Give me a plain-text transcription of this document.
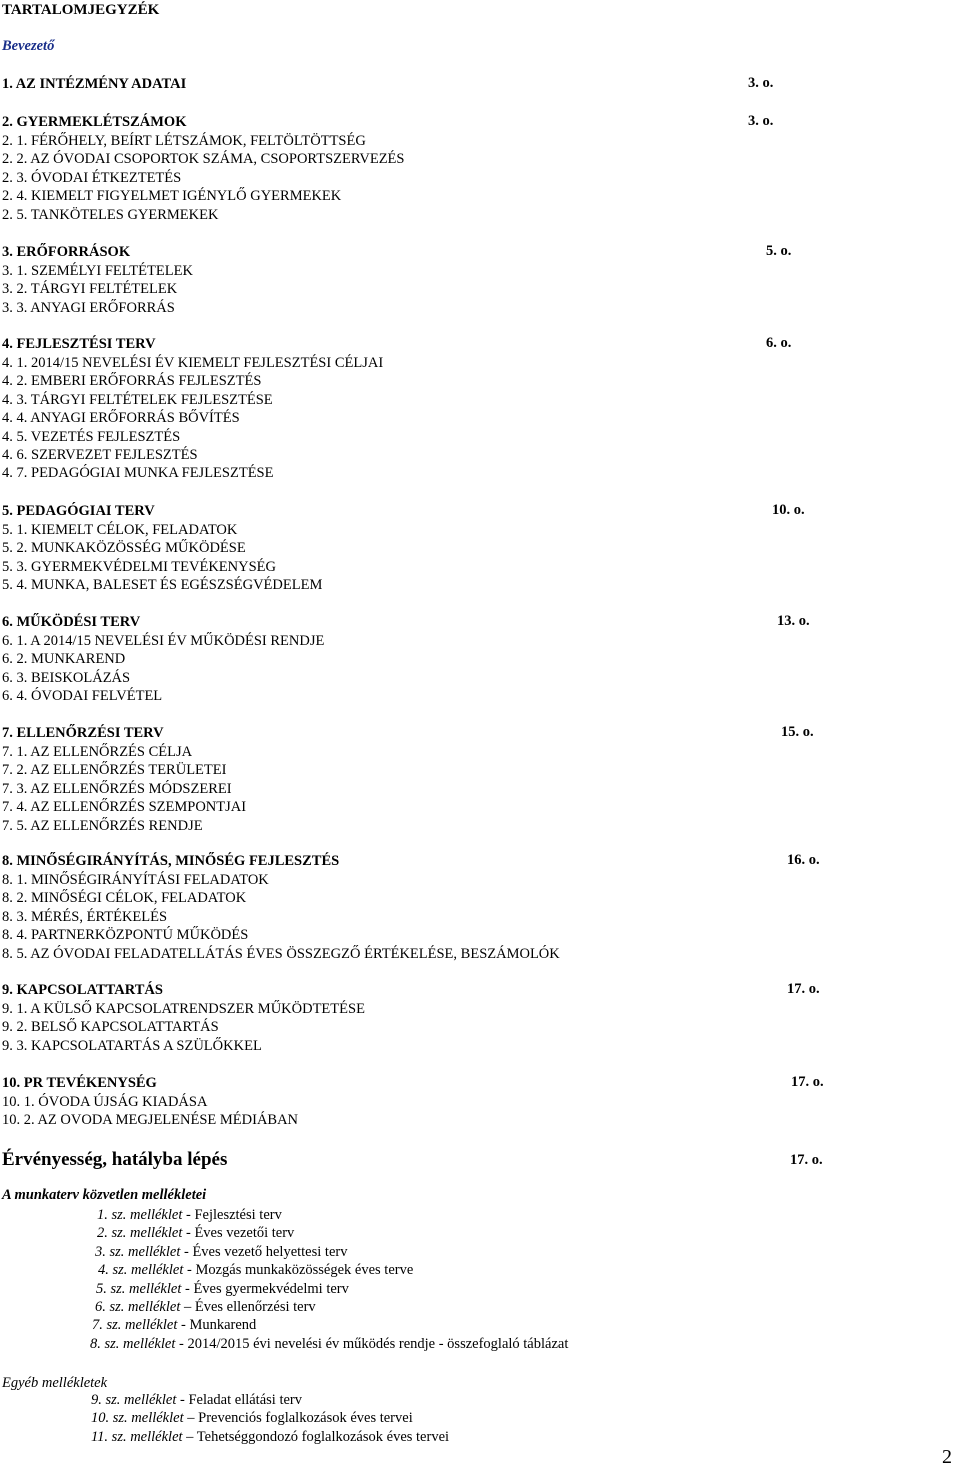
TARTALOMJEGYZÉK
Bevezető
1. AZ INTÉZMÉNY ADATAI	3. o.
2. GYERMEKLÉTSZÁMOK	3. o.
2. 1. FÉRŐHELY, BEÍRT LÉTSZÁMOK, FELTÖLTÖTTSÉG
2. 2. AZ ÓVODAI CSOPORTOK SZÁMA, CSOPORTSZERVEZÉS
2. 3. ÓVODAI ÉTKEZTETÉS
2. 4. KIEMELT FIGYELMET IGÉNYLŐ GYERMEKEK
2. 5. TANKÖTELES GYERMEKEK
3. ERŐFORRÁSOK	5. o.
3. 1. SZEMÉLYI FELTÉTELEK
3. 2. TÁRGYI FELTÉTELEK
3. 3. ANYAGI ERŐFORRÁS
4. FEJLESZTÉSI TERV	6. o.
4. 1. 2014/15 NEVELÉSI ÉV KIEMELT FEJLESZTÉSI CÉLJAI
4. 2. EMBERI ERŐFORRÁS FEJLESZTÉS
4. 3. TÁRGYI FELTÉTELEK FEJLESZTÉSE
4. 4. ANYAGI ERŐFORRÁS BŐVÍTÉS
4. 5. VEZETÉS FEJLESZTÉS
4. 6. SZERVEZET FEJLESZTÉS
4. 7. PEDAGÓGIAI MUNKA FEJLESZTÉSE
5. PEDAGÓGIAI TERV	10. o.
5. 1. KIEMELT CÉLOK, FELADATOK
5. 2. MUNKAKÖZÖSSÉG MŰKÖDÉSE
5. 3. GYERMEKVÉDELMI TEVÉKENYSÉG
5. 4. MUNKA, BALESET ÉS EGÉSZSÉGVÉDELEM
6. MŰKÖDÉSI TERV	13. o.
6. 1. A 2014/15 NEVELÉSI ÉV MŰKÖDÉSI RENDJE
6. 2. MUNKAREND
6. 3. BEISKOLÁZÁS
6. 4. ÓVODAI FELVÉTEL
7. ELLENŐRZÉSI TERV	15. o.
7. 1. AZ ELLENŐRZÉS CÉLJA
7. 2. AZ ELLENŐRZÉS TERÜLETEI
7. 3. AZ ELLENŐRZÉS MÓDSZEREI
7. 4. AZ ELLENŐRZÉS SZEMPONTJAI
7. 5. AZ ELLENŐRZÉS RENDJE
8. MINŐSÉGIRÁNYÍTÁS, MINŐSÉG FEJLESZTÉS	16. o.
8. 1. MINŐSÉGIRÁNYÍTÁSI FELADATOK
8. 2. MINŐSÉGI CÉLOK, FELADATOK
8. 3. MÉRÉS, ÉRTÉKELÉS
8. 4. PARTNERKÖZPONTÚ MŰKÖDÉS
8. 5. AZ ÓVODAI FELADATELLÁTÁS ÉVES ÖSSZEGZŐ ÉRTÉKELÉSE, BESZÁMOLÓK
9. KAPCSOLATTARTÁS	17. o.
9. 1. A KÜLSŐ KAPCSOLATRENDSZER MŰKÖDTETÉSE
9. 2. BELSŐ KAPCSOLATTARTÁS
9. 3. KAPCSOLATARTÁS A SZÜLŐKKEL
10. PR TEVÉKENYSÉG	17. o.
10. 1. ÓVODA ÚJSÁG KIADÁSA
10. 2. AZ OVODA MEGJELENÉSE MÉDIÁBAN
Érvényesség, hatályba lépés	17. o.
A munkaterv közvetlen mellékletei
1. sz. melléklet - Fejlesztési terv
2. sz. melléklet - Éves vezetői terv
3. sz. melléklet - Éves vezető helyettesi terv
4. sz. melléklet - Mozgás munkaközösségek éves terve
5. sz. melléklet - Éves gyermekvédelmi terv
6. sz. melléklet – Éves ellenőrzési terv
7. sz. melléklet - Munkarend
8. sz. melléklet - 2014/2015 évi nevelési év működés rendje - összefoglaló táblázat
Egyéb mellékletek
9. sz. melléklet - Feladat ellátási terv
10. sz. melléklet – Prevenciós foglalkozások éves tervei
11. sz. melléklet – Tehetséggondozó foglalkozások éves tervei
2
